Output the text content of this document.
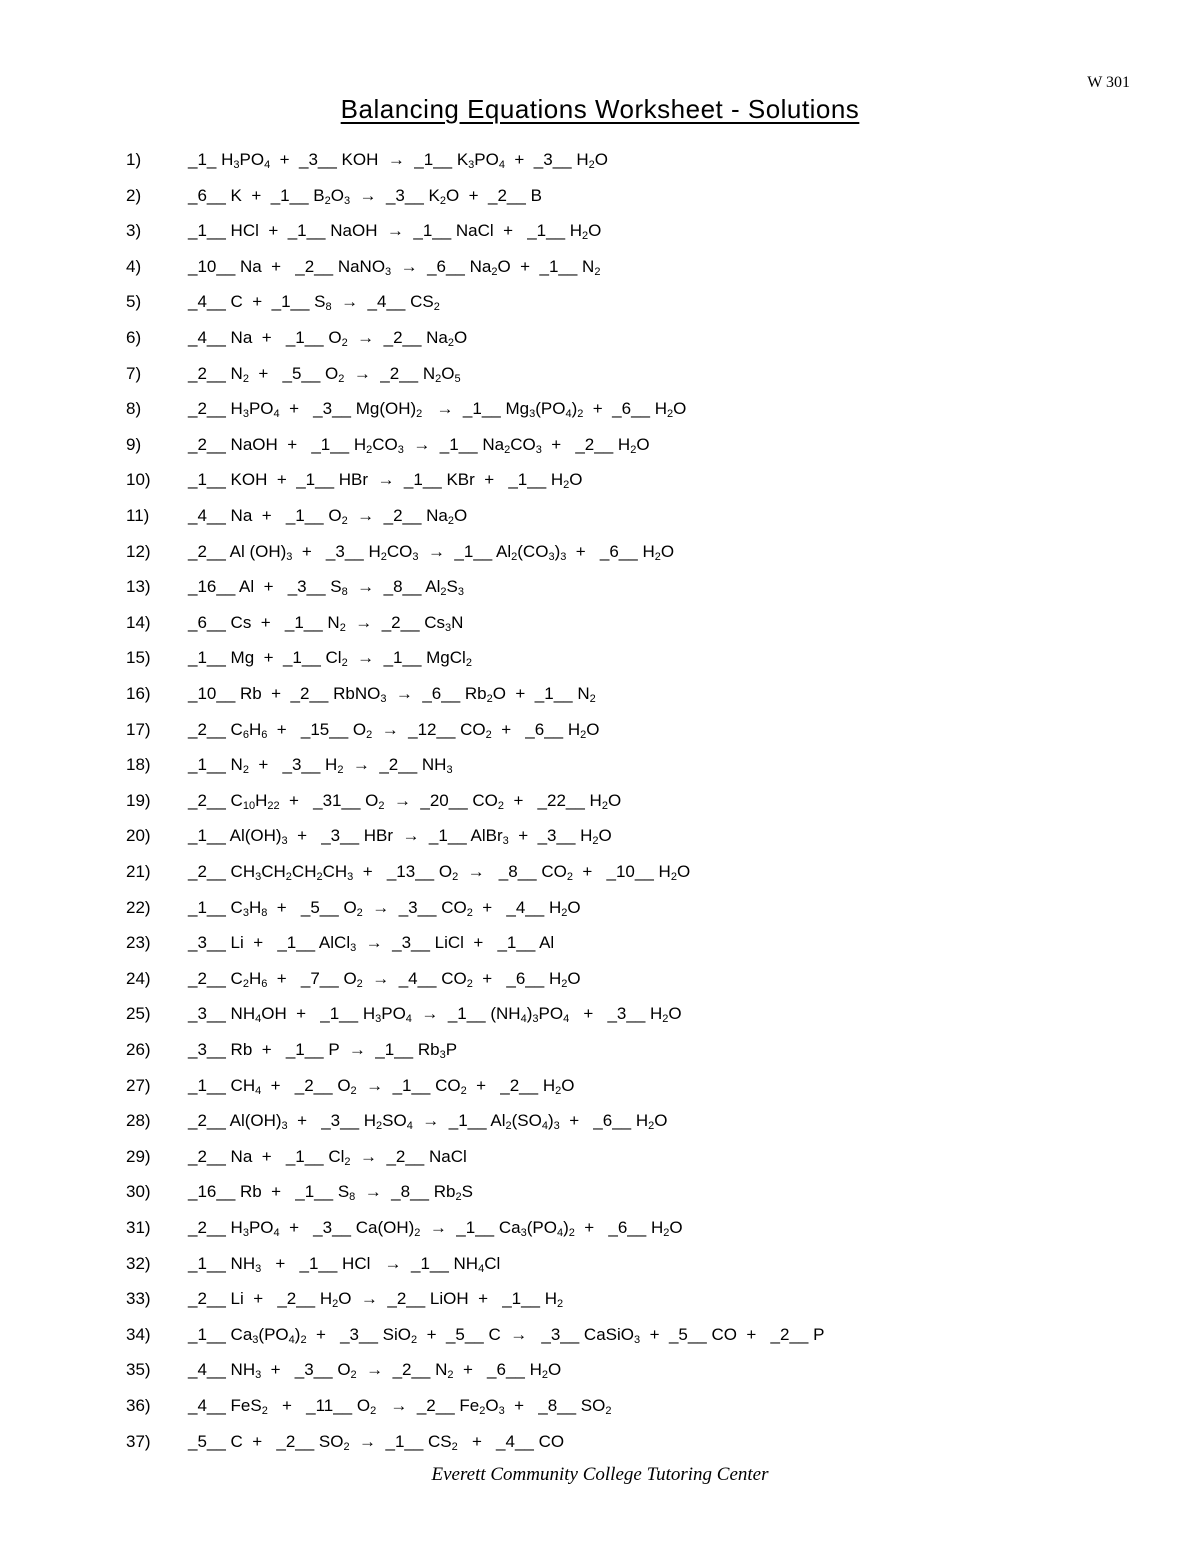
W 301
Balancing Equations Worksheet - Solutions
1)	_1_ $H_3PO_4$  +  _3__ KOH  →  _1__ $K_3PO_4$  +  _3__ $H_2O$
2)	_6__ K  +  _1__ $B_2O_3$  →  _3__ $K_2O$  +  _2__ B
3)	_1__ HCl  +  _1__ NaOH  →  _1__ NaCl  +   _1__ $H_2O$
4)	_10__ Na  +   _2__ NaNO$_3$  →  _6__ $Na_2O$  +  _1__ $N_2$
5)	_4__ C  +  _1__ $S_8$  →  _4__ $CS_2$
6)	_4__ Na  +   _1__ $O_2$  →  _2__ $Na_2O$
7)	_2__ $N_2$  +   _5__ $O_2$  →  _2__ $N_2O_5$
8)	_2__ $H_3PO_4$  +   _3__ $Mg(OH)_2$   →  _1__ $Mg_3(PO_4)_2$  +  _6__ $H_2O$
9)	_2__ NaOH  +   _1__ $H_2CO_3$  →  _1__ $Na_2CO_3$  +   _2__ $H_2O$
10) _1__ KOH  +  _1__ HBr  →  _1__ KBr  +   _1__ $H_2O$
11) _4__ Na  +   _1__ $O_2$  →  _2__ $Na_2O$
12) _2__ Al $(OH)_3$  +   _3__ $H_2CO_3$  →  _1__ $Al_2(CO_3)_3$  +   _6__ $H_2O$
13) _16__ Al  +   _3__ $S_8$  →  _8__ $Al_2S_3$
14) _6__ Cs  +   _1__ $N_2$  →  _2__ $Cs_3N$
15) _1__ Mg  +  _1__ $Cl_2$  →  _1__ MgCl$_2$
16) _10__ Rb  +  _2__ RbNO$_3$  →  _6__ $Rb_2O$  +  _1__ $N_2$
17) _2__ $C_6H_6$  +   _15__ $O_2$  →  _12__ $CO_2$  +   _6__ $H_2O$
18) _1__ $N_2$  +   _3__ $H_2$  →  _2__ $NH_3$
19) _2__ $C_{10}H_{22}$  +   _31__ $O_2$  →  _20__ $CO_2$  +   _22__ $H_2O$
20) _1__ $Al(OH)_3$  +   _3__ HBr  →  _1__ AlBr$_3$  +  _3__ $H_2O$
21) _2__ $CH_3CH_2CH_2CH_3$  +   _13__ $O_2$  →   _8__ $CO_2$  +   _10__ $H_2O$
22) _1__ $C_3H_8$  +   _5__ $O_2$  →  _3__ $CO_2$  +   _4__ $H_2O$
23) _3__ Li  +   _1__ AlCl$_3$  →  _3__ LiCl  +   _1__ Al
24) _2__ $C_2H_6$  +   _7__ $O_2$  →  _4__ $CO_2$  +   _6__ $H_2O$
25) _3__ $NH_4OH$  +   _1__ $H_3PO_4$  →  _1__ $(NH_4)_3PO_4$   +   _3__ $H_2O$
26) _3__ Rb  +   _1__ P  →  _1__ $Rb_3P$
27) _1__ $CH_4$  +   _2__ $O_2$  →  _1__ $CO_2$  +   _2__ $H_2O$
28) _2__ $Al(OH)_3$  +   _3__ $H_2SO_4$  →  _1__ $Al_2(SO_4)_3$  +   _6__ $H_2O$
29) _2__ Na  +   _1__ $Cl_2$  →  _2__ NaCl
30) _16__ Rb  +   _1__ $S_8$  →  _8__ $Rb_2S$
31) _2__ $H_3PO_4$  +   _3__ $Ca(OH)_2$  →  _1__ $Ca_3(PO_4)_2$  +   _6__ $H_2O$
32) _1__ $NH_3$   +   _1__ HCl   →  _1__ $NH_4Cl$
33) _2__ Li  +   _2__ $H_2O$  →  _2__ LiOH  +   _1__ $H_2$
34) _1__ $Ca_3(PO_4)_2$  +   _3__ SiO$_2$  +  _5__ C  →   _3__ CaSiO$_3$  +  _5__ CO  +   _2__ P
35) _4__ $NH_3$  +   _3__ $O_2$  →  _2__ $N_2$  +   _6__ $H_2O$
36) _4__ FeS$_2$   +   _11__ $O_2$   →  _2__ $Fe_2O_3$  +   _8__ $SO_2$
37) _5__ C  +   _2__ $SO_2$  →  _1__ $CS_2$   +   _4__ CO
Everett Community College Tutoring Center
